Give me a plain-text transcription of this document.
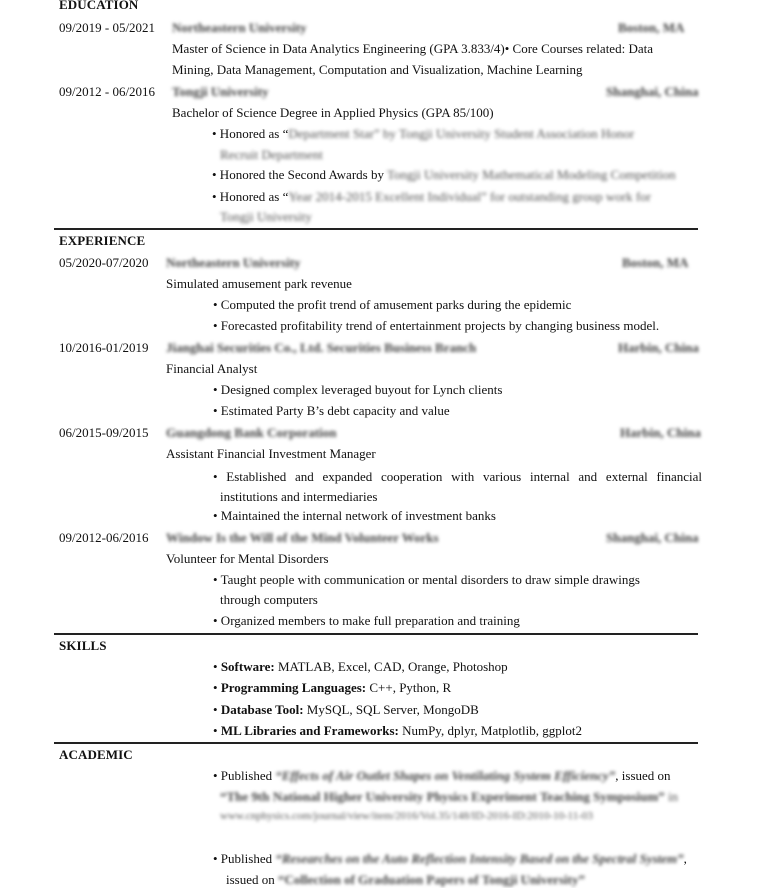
EDUCATION
09/2019 - 05/2021 Northeastern University	Boston, MA
Master of Science in Data Analytics Engineering (GPA 3.833/4)• Core Courses related: Data
Mining, Data Management, Computation and Visualization, Machine Learning
09/2012 - 06/2016 Tongji University	Shanghai, China
Bachelor of Science Degree in Applied Physics (GPA 85/100)
• Honored as “Department Star” by Tongji University Student Association Honor
Recruit Department
• Honored the Second Awards by Tongji University Mathematical Modeling Competition
• Honored as “Year 2014-2015 Excellent Individual” for outstanding group work for
Tongji University
EXPERIENCE
05/2020-07/2020 Northeastern University	Boston, MA
Simulated amusement park revenue
• Computed the profit trend of amusement parks during the epidemic
• Forecasted profitability trend of entertainment projects by changing business model.
10/2016-01/2019 Jianghai Securities Co., Ltd. Securities Business Branch	Harbin, China
Financial Analyst
• Designed complex leveraged buyout for Lynch clients
• Estimated Party B’s debt capacity and value
06/2015-09/2015 Guangdong Bank Corporation	Harbin, China
Assistant Financial Investment Manager
• Established and expanded cooperation with various internal and external financial institutions and intermediaries
• Maintained the internal network of investment banks
09/2012-06/2016 Window Is the Will of the Mind Volunteer Works	Shanghai, China
Volunteer for Mental Disorders
• Taught people with communication or mental disorders to draw simple drawings
through computers
• Organized members to make full preparation and training
SKILLS
• Software: MATLAB, Excel, CAD, Orange, Photoshop
• Programming Languages: C++, Python, R
• Database Tool: MySQL, SQL Server, MongoDB
• ML Libraries and Frameworks: NumPy, dplyr, Matplotlib, ggplot2
ACADEMIC
• Published “Effects of Air Outlet Shapes on Ventilating System Efficiency”, issued on
“The 9th National Higher University Physics Experiment Teaching Symposium” in
www.cnphysics.com/journal/view/item/2016/Vol.35/148/ID-2016-ID:2010-10-11-03
• Published “Researches on the Auto Reflection Intensity Based on the Spectral System”,
issued on “Collection of Graduation Papers of Tongji University”
